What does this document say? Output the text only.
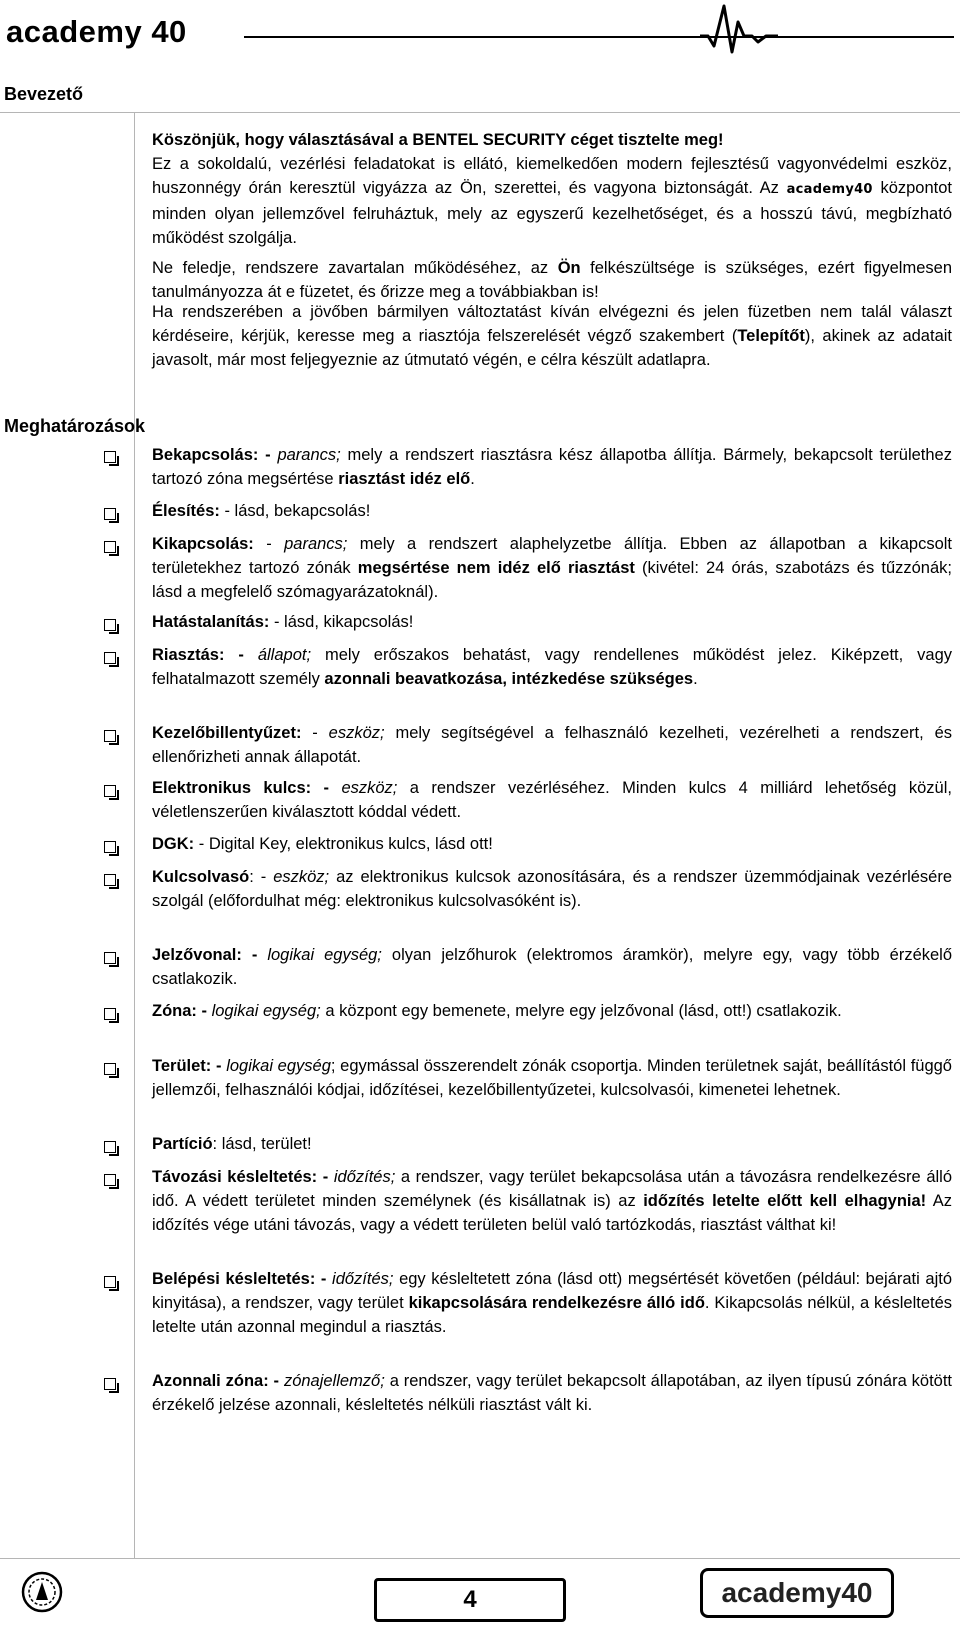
academy 40
Bevezető
Meghatározások
Köszönjük, hogy választásával a BENTEL SECURITY céget tisztelte meg!
Ez a sokoldalú, vezérlési feladatokat is ellátó, kiemelkedően modern fejlesztésű vagyonvédelmi eszköz, huszonnégy órán keresztül vigyázza az Ön, szerettei, és vagyona biztonságát. Az academy40 központot minden olyan jellemzővel felruháztuk, mely az egyszerű kezelhetőséget, és a hosszú távú, megbízható működést szolgálja.
Ne feledje, rendszere zavartalan működéséhez, az Ön felkészültsége is szükséges, ezért figyelmesen tanulmányozza át e füzetet, és őrizze meg a továbbiakban is!
Ha rendszerében a jövőben bármilyen változtatást kíván elvégezni és jelen füzetben nem talál választ kérdéseire, kérjük, keresse meg a riasztója felszerelését végző szakembert (Telepítőt), akinek az adatait javasolt, már most feljegyeznie az útmutató végén, e célra készült adatlapra.
Bekapcsolás: - parancs; mely a rendszert riasztásra kész állapotba állítja. Bármely, bekapcsolt területhez tartozó zóna megsértése riasztást idéz elő.
Élesítés: - lásd, bekapcsolás!
Kikapcsolás: - parancs; mely a rendszert alaphelyzetbe állítja. Ebben az állapotban a kikapcsolt területekhez tartozó zónák megsértése nem idéz elő riasztást (kivétel: 24 órás, szabotázs és tűzzónák; lásd a megfelelő szómagyarázatoknál).
Hatástalanítás: - lásd, kikapcsolás!
Riasztás: - állapot; mely erőszakos behatást, vagy rendellenes működést jelez. Kiképzett, vagy felhatalmazott személy azonnali beavatkozása, intézkedése szükséges.
Kezelőbillentyűzet: - eszköz; mely segítségével a felhasználó kezelheti, vezérelheti a rendszert, és ellenőrizheti annak állapotát.
Elektronikus kulcs: - eszköz; a rendszer vezérléséhez. Minden kulcs 4 milliárd lehetőség közül, véletlenszerűen kiválasztott kóddal védett.
DGK: - Digital Key, elektronikus kulcs, lásd ott!
Kulcsolvasó: - eszköz; az elektronikus kulcsok azonosítására, és a rendszer üzemmódjainak vezérlésére szolgál (előfordulhat még: elektronikus kulcsolvasóként is).
Jelzővonal: - logikai egység; olyan jelzőhurok (elektromos áramkör), melyre egy, vagy több érzékelő csatlakozik.
Zóna: - logikai egység; a központ egy bemenete, melyre egy jelzővonal (lásd, ott!) csatlakozik.
Terület: - logikai egység; egymással összerendelt zónák csoportja. Minden területnek saját, beállítástól függő jellemzői, felhasználói kódjai, időzítései, kezelőbillentyűzetei, kulcsolvasói, kimenetei lehetnek.
Partíció: lásd, terület!
Távozási késleltetés: - időzítés; a rendszer, vagy terület bekapcsolása után a távozásra rendelkezésre álló idő. A védett területet minden személynek (és kisállatnak is) az időzítés letelte előtt kell elhagynia! Az időzítés vége utáni távozás, vagy a védett területen belül való tartózkodás, riasztást válthat ki!
Belépési késleltetés: - időzítés; egy késleltetett zóna (lásd ott) megsértését követően (például: bejárati ajtó kinyitása), a rendszer, vagy terület kikapcsolására rendelkezésre álló idő. Kikapcsolás nélkül, a késleltetés letelte után azonnal megindul a riasztás.
Azonnali zóna: - zónajellemző; a rendszer, vagy terület bekapcsolt állapotában, az ilyen típusú zónára kötött érzékelő jelzése azonnali, késleltetés nélküli riasztást vált ki.
4	academy40
